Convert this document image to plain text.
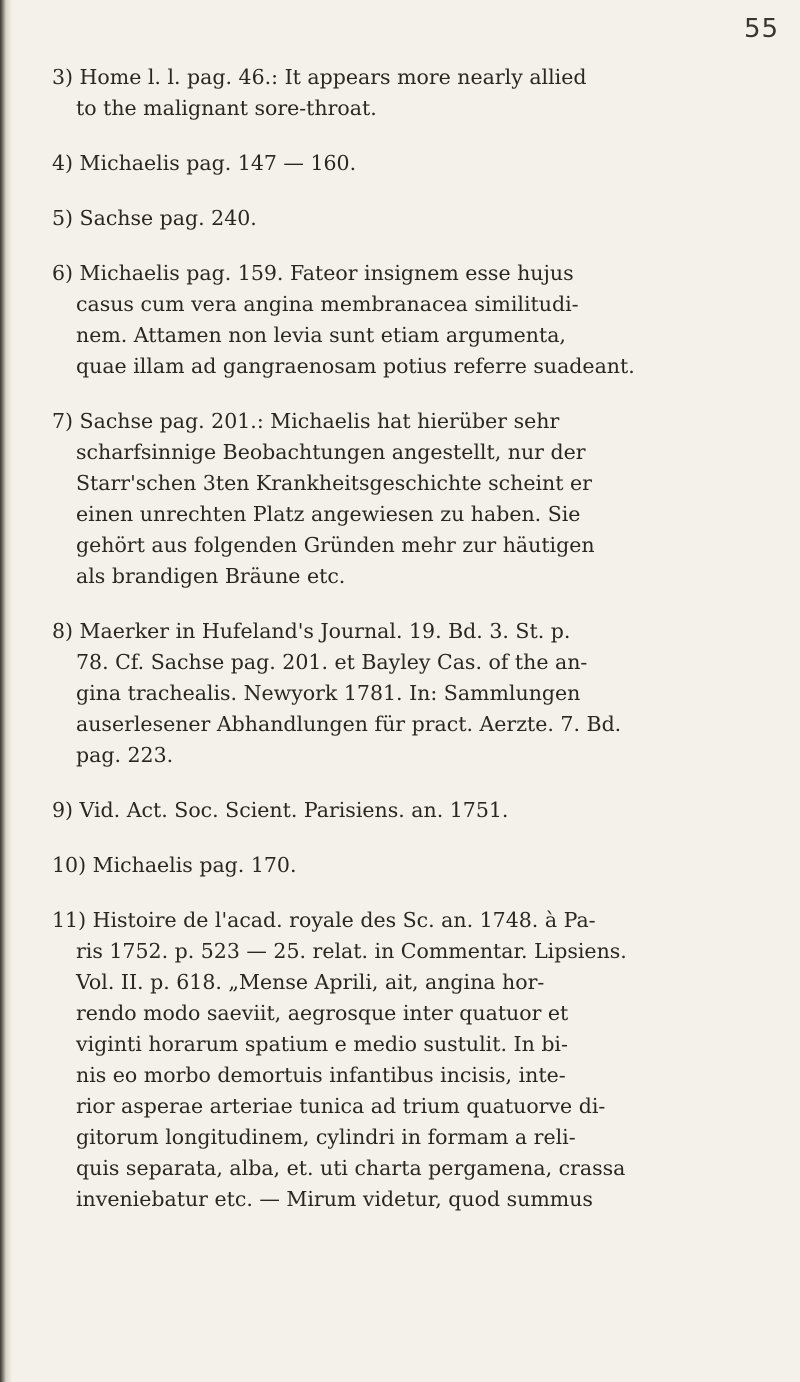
55

3) Home l. l. pag. 46.: It appears more nearly allied
to the malignant sore-throat.

4) Michaelis pag. 147 — 160.

5) Sachse pag. 240.

6) Michaelis pag. 159. Fateor insignem esse hujus
casus cum vera angina membranacea similitudi-
nem. Attamen non levia sunt etiam argumenta,
quae illam ad gangraenosam potius referre suadeant.

7) Sachse pag. 201.: Michaelis hat hierüber sehr
scharfsinnige Beobachtungen angestellt, nur der
Starr'schen 3ten Krankheitsgeschichte scheint er
einen unrechten Platz angewiesen zu haben. Sie
gehört aus folgenden Gründen mehr zur häutigen
als brandigen Bräune etc.

8) Maerker in Hufeland's Journal. 19. Bd. 3. St. p.
78. Cf. Sachse pag. 201. et Bayley Cas. of the an-
gina trachealis. Newyork 1781. In: Sammlungen
auserlesener Abhandlungen für pract. Aerzte. 7. Bd.
pag. 223.

9) Vid. Act. Soc. Scient. Parisiens. an. 1751.

10) Michaelis pag. 170.

11) Histoire de l'acad. royale des Sc. an. 1748. à Pa-
ris 1752. p. 523 — 25. relat. in Commentar. Lipsiens.
Vol. II. p. 618. „Mense Aprili, ait, angina hor-
rendo modo saeviit, aegrosque inter quatuor et
viginti horarum spatium e medio sustulit. In bi-
nis eo morbo demortuis infantibus incisis, inte-
rior asperae arteriae tunica ad trium quatuorve di-
gitorum longitudinem, cylindri in formam a reli-
quis separata, alba, et. uti charta pergamena, crassa
inveniebatur etc. — Mirum videtur, quod summus
